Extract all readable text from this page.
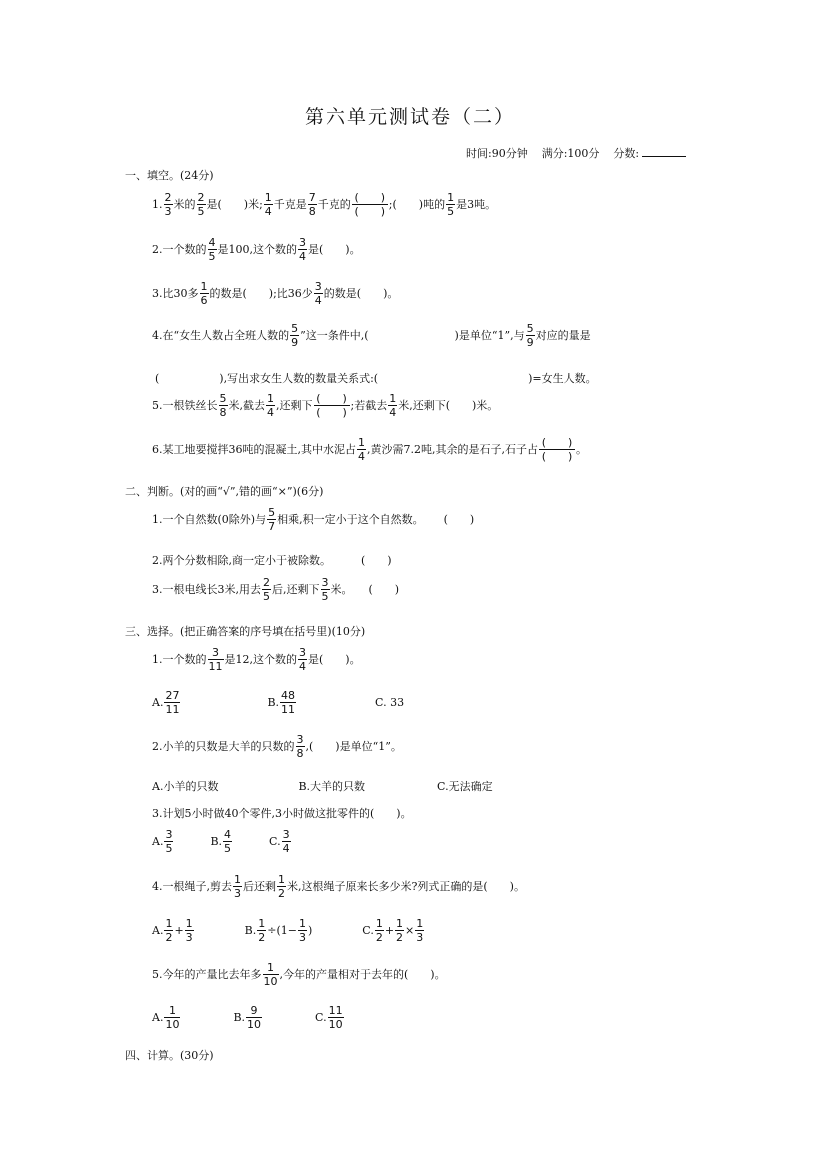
第六单元测试卷（二）
时间:90分钟 满分:100分 分数:
一、填空。(24分)
1. $\frac{2}{3}$ 米的 $\frac{2}{5}$ 是(　　)米; $\frac{1}{4}$ 千克是 $\frac{7}{8}$ 千克的 $\frac{( )}{( )}$ ;(　　)吨的 $\frac{1}{5}$ 是3吨。
2.一个数的 $\frac{4}{5}$ 是100,这个数的 $\frac{3}{4}$ 是(　　)。
3.比30多 $\frac{1}{6}$ 的数是(　　);比36少 $\frac{3}{4}$ 的数是(　　)。
4.在“女生人数占全班人数的 $\frac{5}{9}$ ”这一条件中,(	)是单位“1”,与 $\frac{5}{9}$ 对应的量是
(	),写出求女生人数的数量关系式:(	)=女生人数。
5.一根铁丝长 $\frac{5}{8}$ 米,截去 $\frac{1}{4}$ ,还剩下 $\frac{( )}{( )}$ ;若截去 $\frac{1}{4}$ 米,还剩下(　　)米。
6.某工地要搅拌36吨的混凝土,其中水泥占 $\frac{1}{4}$ ,黄沙需7.2吨,其余的是石子,石子占 $\frac{( )}{( )}$ 。
二、判断。(对的画“√”,错的画“×”)(6分)
1.一个自然数(0除外)与 $\frac{5}{7}$ 相乘,积一定小于这个自然数。 (　　)
2.两个分数相除,商一定小于被除数。	(　　)
3.一根电线长3米,用去 $\frac{2}{5}$ 后,还剩下 $\frac{3}{5}$ 米。 (　　)
三、选择。(把正确答案的序号填在括号里)(10分)
1.一个数的 $\frac{3}{11}$ 是12,这个数的 $\frac{3}{4}$ 是(　　)。
A. $\frac{27}{11}$	B. $\frac{48}{11}$	C. 33
2.小羊的只数是大羊的只数的 $\frac{3}{8}$ ,(　　)是单位“1”。
A.小羊的只数	B.大羊的只数	C.无法确定
3.计划5小时做40个零件,3小时做这批零件的(　　)。
A. $\frac{3}{5}$	B. $\frac{4}{5}$	C. $\frac{3}{4}$
4.一根绳子,剪去 $\frac{1}{3}$ 后还剩 $\frac{1}{2}$ 米,这根绳子原来长多少米?列式正确的是(　　)。
A. $\frac{1}{2} + \frac{1}{3}$	B. $\frac{1}{2} \div(1- \frac{1}{3}$ )	C. $\frac{1}{2} + \frac{1}{2} \times \frac{1}{3}$
5.今年的产量比去年多 $\frac{1}{10}$ ,今年的产量相对于去年的(　　)。
A. $\frac{1}{10}$	B. $\frac{9}{10}$	C. $\frac{11}{10}$
四、计算。(30分)
